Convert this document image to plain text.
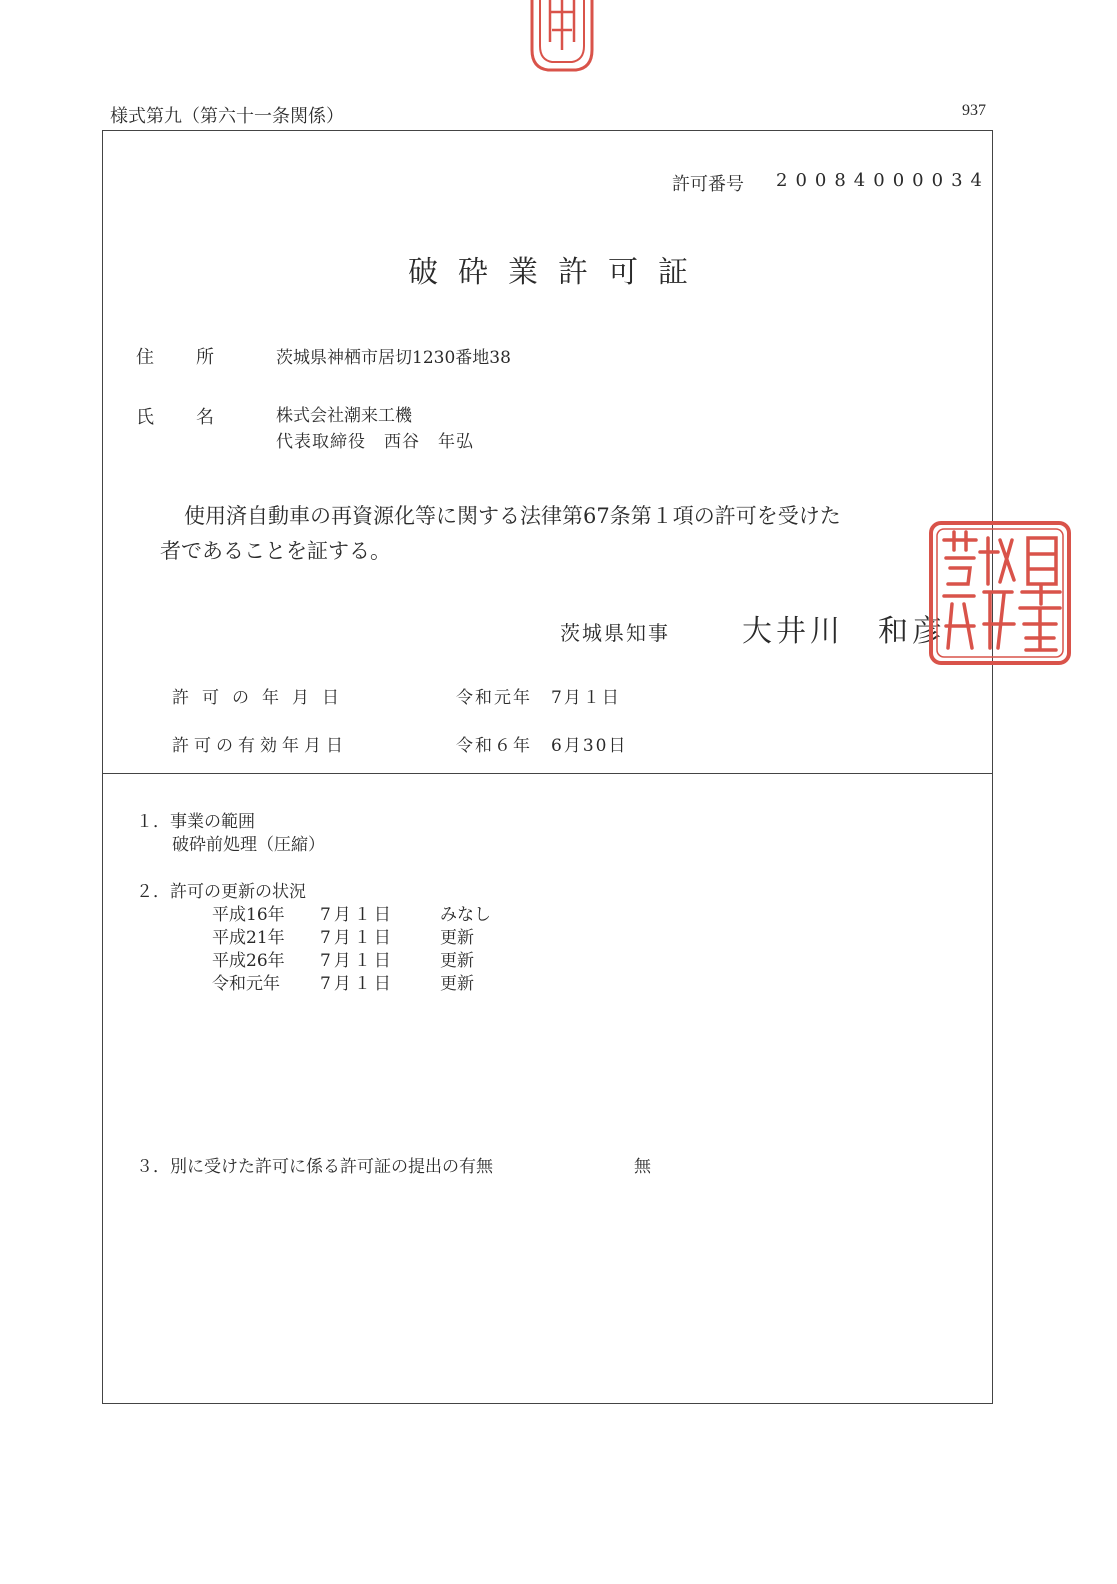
様式第九（第六十一条関係）	937
許可番号 20084000034
破砕業許可証
住 所	茨城県神栖市居切1230番地38
氏 名	株式会社潮来工機
代表取締役　西谷　年弘
使用済自動車の再資源化等に関する法律第67条第１項の許可を受けた
者であることを証する。
茨城県知事 大井川　和彦
許可の年月日	令和元年　7月１日
許可の有効年月日	令和６年　6月30日
１．事業の範囲
破砕前処理（圧縮）
２．許可の更新の状況
平成16年 7月１日	みなし
平成21年 7月１日	更新
平成26年 7月１日	更新
令和元年 7月１日	更新
３．別に受けた許可に係る許可証の提出の有無	無
